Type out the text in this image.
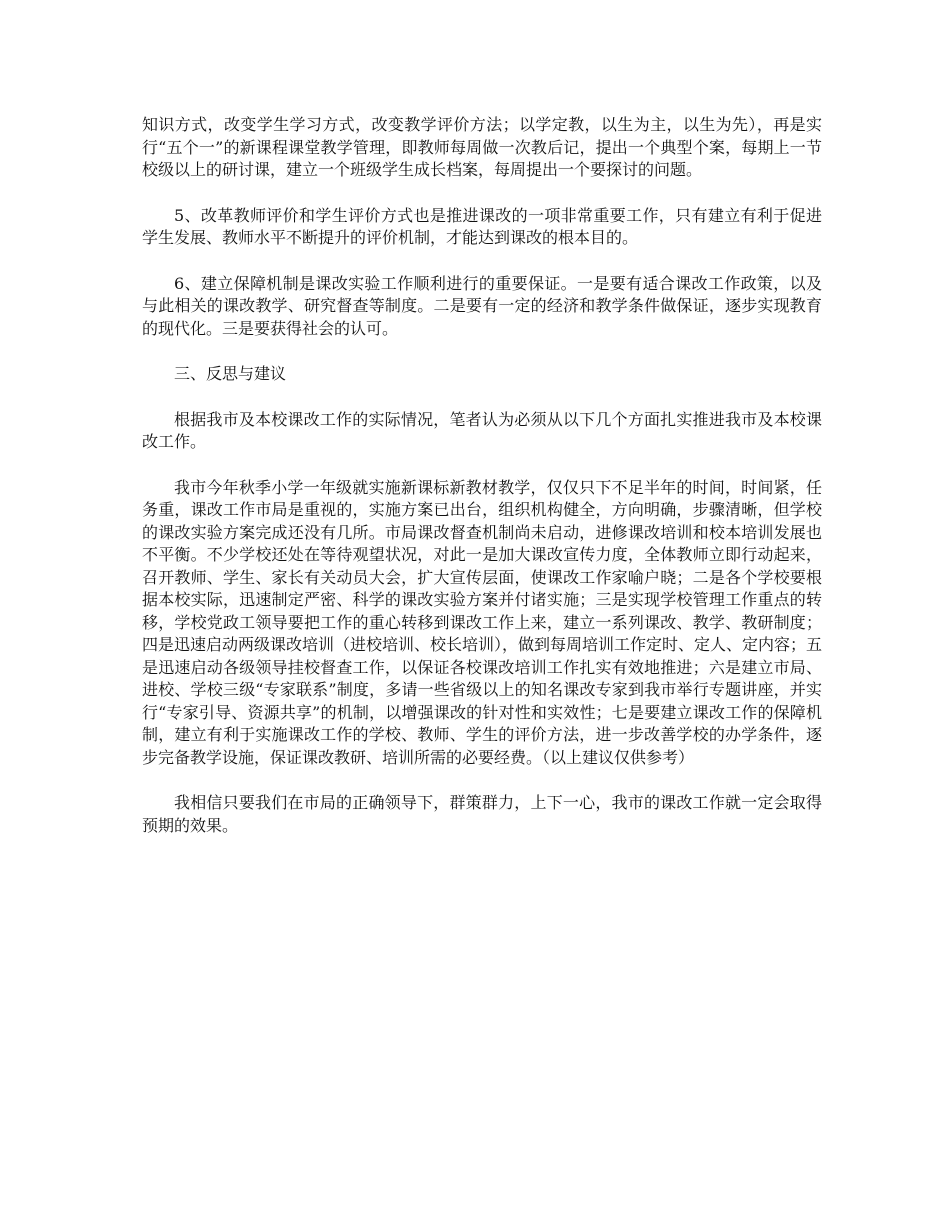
知识方式，改变学生学习方式，改变教学评价方法；以学定教，以生为主，以生为先），再是实行“五个一”的新课程课堂教学管理，即教师每周做一次教后记，提出一个典型个案，每期上一节校级以上的研讨课，建立一个班级学生成长档案，每周提出一个要探讨的问题。

5、改革教师评价和学生评价方式也是推进课改的一项非常重要工作，只有建立有利于促进学生发展、教师水平不断提升的评价机制，才能达到课改的根本目的。

6、建立保障机制是课改实验工作顺利进行的重要保证。一是要有适合课改工作政策，以及与此相关的课改教学、研究督查等制度。二是要有一定的经济和教学条件做保证，逐步实现教育的现代化。三是要获得社会的认可。

三、反思与建议

根据我市及本校课改工作的实际情况，笔者认为必须从以下几个方面扎实推进我市及本校课改工作。

我市今年秋季小学一年级就实施新课标新教材教学，仅仅只下不足半年的时间，时间紧，任务重，课改工作市局是重视的，实施方案已出台，组织机构健全，方向明确，步骤清晰，但学校的课改实验方案完成还没有几所。市局课改督查机制尚未启动，进修课改培训和校本培训发展也不平衡。不少学校还处在等待观望状况，对此一是加大课改宣传力度，全体教师立即行动起来，召开教师、学生、家长有关动员大会，扩大宣传层面，使课改工作家喻户晓；二是各个学校要根据本校实际，迅速制定严密、科学的课改实验方案并付诸实施；三是实现学校管理工作重点的转移，学校党政工领导要把工作的重心转移到课改工作上来，建立一系列课改、教学、教研制度；四是迅速启动两级课改培训（进校培训、校长培训），做到每周培训工作定时、定人、定内容；五是迅速启动各级领导挂校督查工作，以保证各校课改培训工作扎实有效地推进；六是建立市局、进校、学校三级“专家联系”制度，多请一些省级以上的知名课改专家到我市举行专题讲座，并实行“专家引导、资源共享”的机制，以增强课改的针对性和实效性；七是要建立课改工作的保障机制，建立有利于实施课改工作的学校、教师、学生的评价方法，进一步改善学校的办学条件，逐步完备教学设施，保证课改教研、培训所需的必要经费。（以上建议仅供参考）

我相信只要我们在市局的正确领导下，群策群力，上下一心，我市的课改工作就一定会取得预期的效果。
